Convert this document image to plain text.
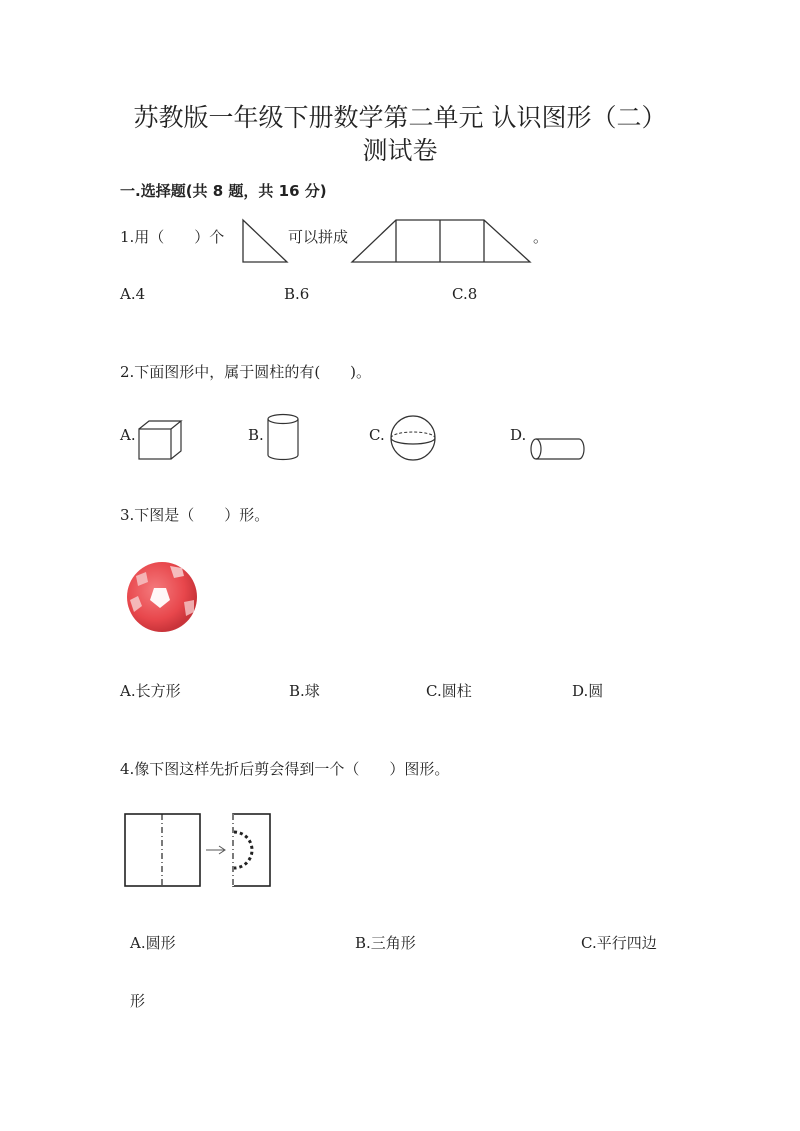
苏教版一年级下册数学第二单元 认识图形（二）
测试卷
一.选择题(共 8 题，共 16 分)
1.用（　　）个	可以拼成	。
A.4	B.6	C.8
2.下面图形中，属于圆柱的有(　　)。
A.	B.	C.	D.
3.下图是（　　）形。
A.长方形	B.球	C.圆柱	D.圆
4.像下图这样先折后剪会得到一个（　　）图形。
A.圆形	B.三角形	C.平行四边
形
